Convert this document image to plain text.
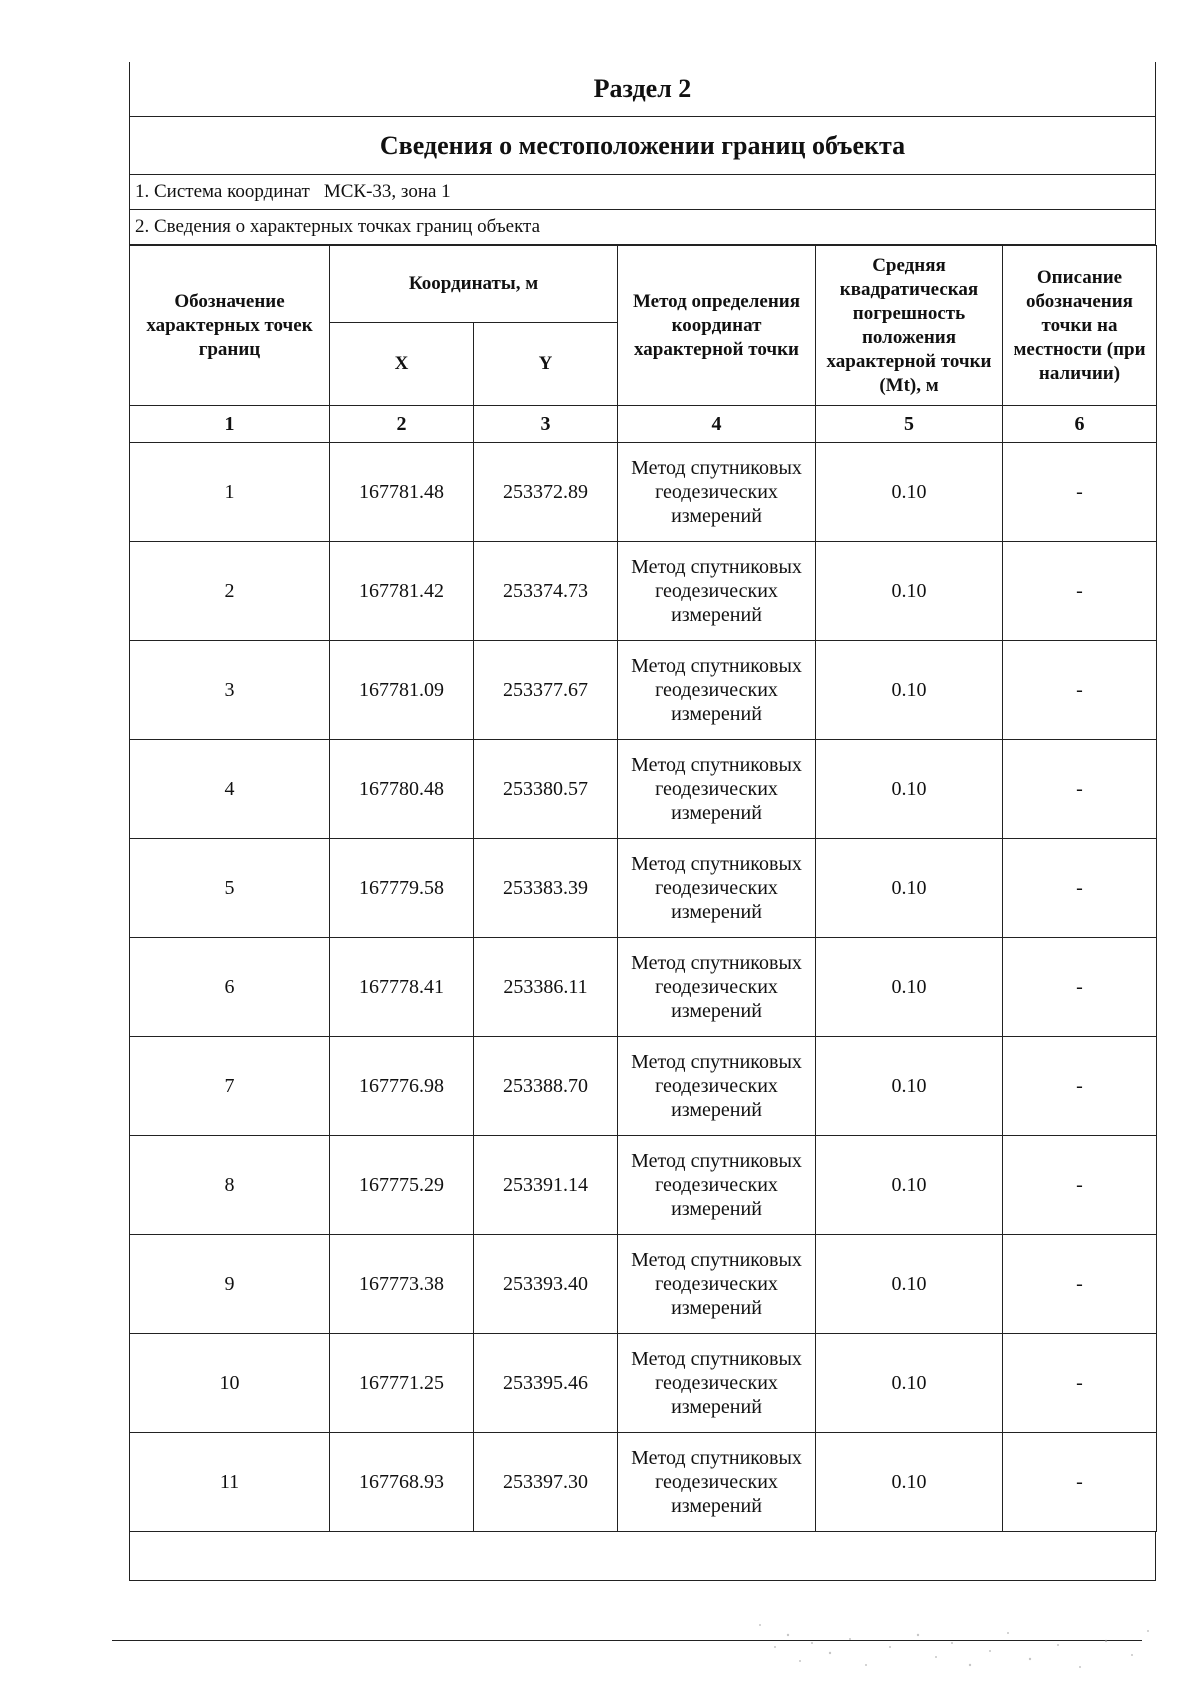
Раздел 2
Сведения о местоположении границ объекта
1. Система координат МСК-33, зона 1
2. Сведения о характерных точках границ объекта
Обозначение характерных точек границ	Координаты, м		Метод определения координат характерной точки	Средняя квадратическая погрешность положения характерной точки (Mt), м	Описание обозначения точки на местности (при наличии)
	X	Y			
1	2	3	4	5	6
1	167781.48	253372.89	Метод спутниковых геодезических измерений	0.10	-
2	167781.42	253374.73	Метод спутниковых геодезических измерений	0.10	-
3	167781.09	253377.67	Метод спутниковых геодезических измерений	0.10	-
4	167780.48	253380.57	Метод спутниковых геодезических измерений	0.10	-
5	167779.58	253383.39	Метод спутниковых геодезических измерений	0.10	-
6	167778.41	253386.11	Метод спутниковых геодезических измерений	0.10	-
7	167776.98	253388.70	Метод спутниковых геодезических измерений	0.10	-
8	167775.29	253391.14	Метод спутниковых геодезических измерений	0.10	-
9	167773.38	253393.40	Метод спутниковых геодезических измерений	0.10	-
10	167771.25	253395.46	Метод спутниковых геодезических измерений	0.10	-
11	167768.93	253397.30	Метод спутниковых геодезических измерений	0.10	-
